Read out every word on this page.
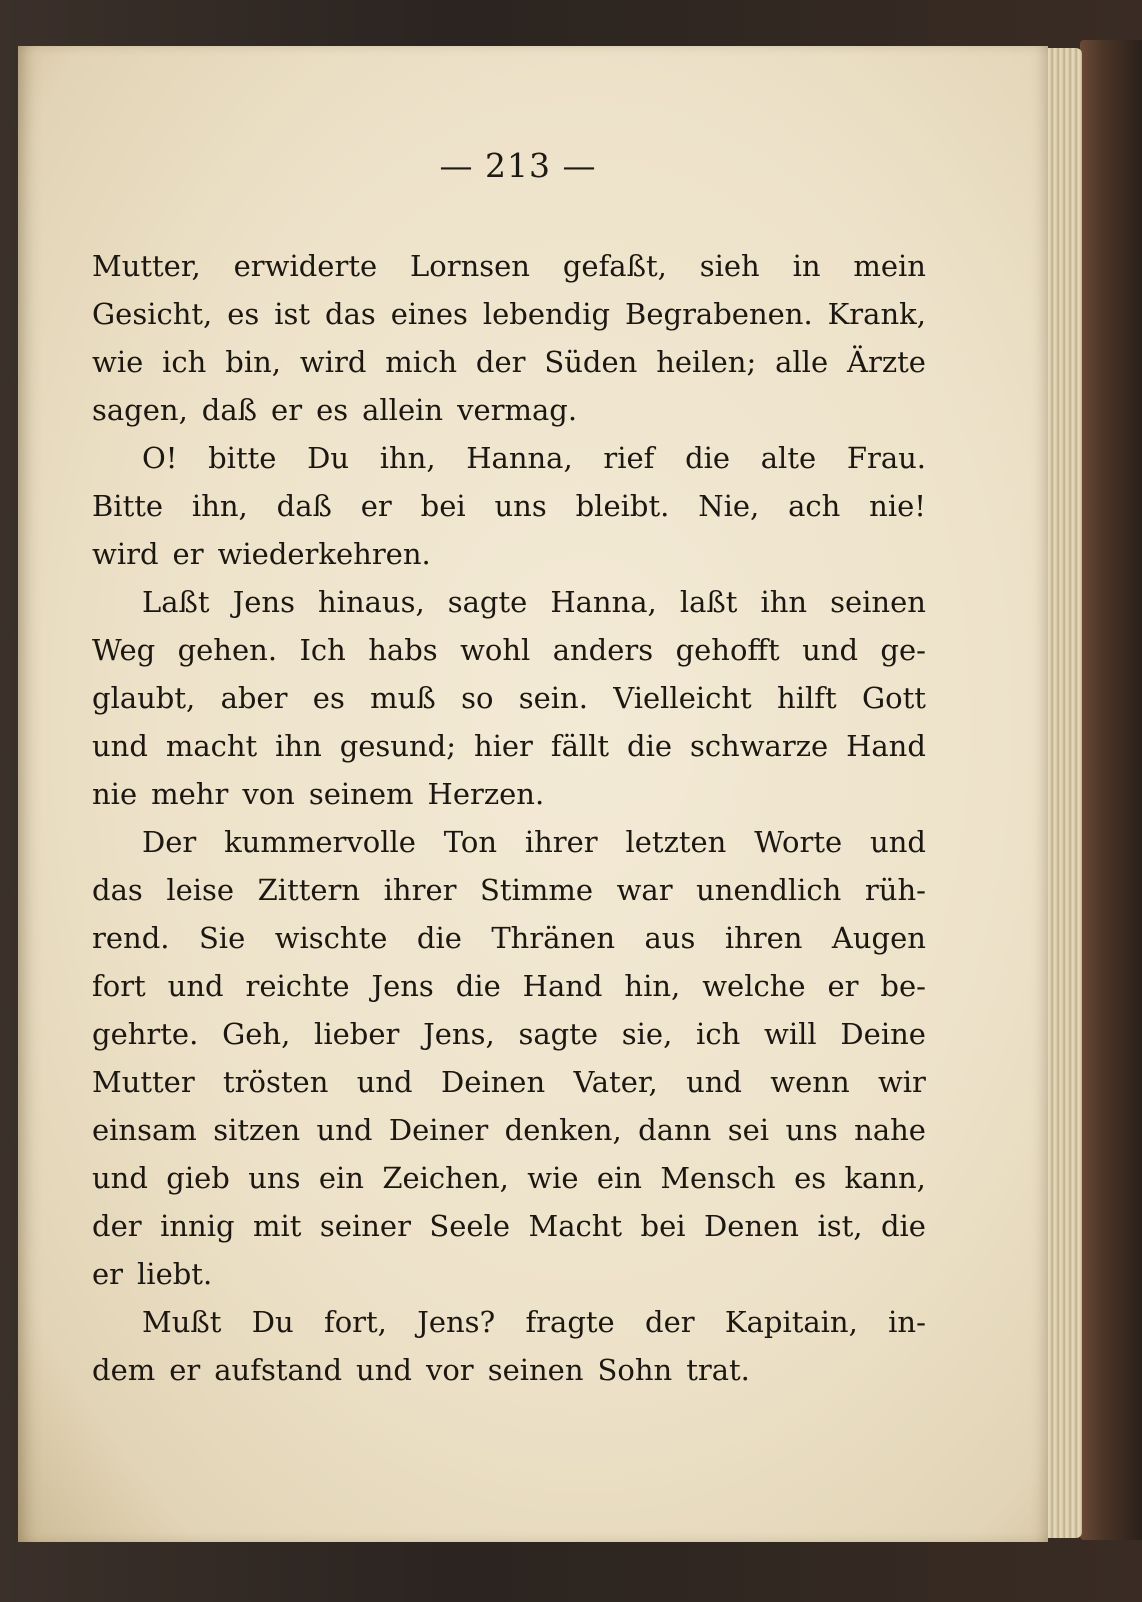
— 213 —
Mutter, erwiderte Lornsen gefaßt, sieh in mein
Gesicht, es ist das eines lebendig Begrabenen. Krank,
wie ich bin, wird mich der Süden heilen; alle Ärzte
sagen, daß er es allein vermag.
O! bitte Du ihn, Hanna, rief die alte Frau.
Bitte ihn, daß er bei uns bleibt. Nie, ach nie!
wird er wiederkehren.
Laßt Jens hinaus, sagte Hanna, laßt ihn seinen
Weg gehen. Ich habs wohl anders gehofft und ge-
glaubt, aber es muß so sein. Vielleicht hilft Gott
und macht ihn gesund; hier fällt die schwarze Hand
nie mehr von seinem Herzen.
Der kummervolle Ton ihrer letzten Worte und
das leise Zittern ihrer Stimme war unendlich rüh-
rend. Sie wischte die Thränen aus ihren Augen
fort und reichte Jens die Hand hin, welche er be-
gehrte. Geh, lieber Jens, sagte sie, ich will Deine
Mutter trösten und Deinen Vater, und wenn wir
einsam sitzen und Deiner denken, dann sei uns nahe
und gieb uns ein Zeichen, wie ein Mensch es kann,
der innig mit seiner Seele Macht bei Denen ist, die
er liebt.
Mußt Du fort, Jens? fragte der Kapitain, in-
dem er aufstand und vor seinen Sohn trat.
